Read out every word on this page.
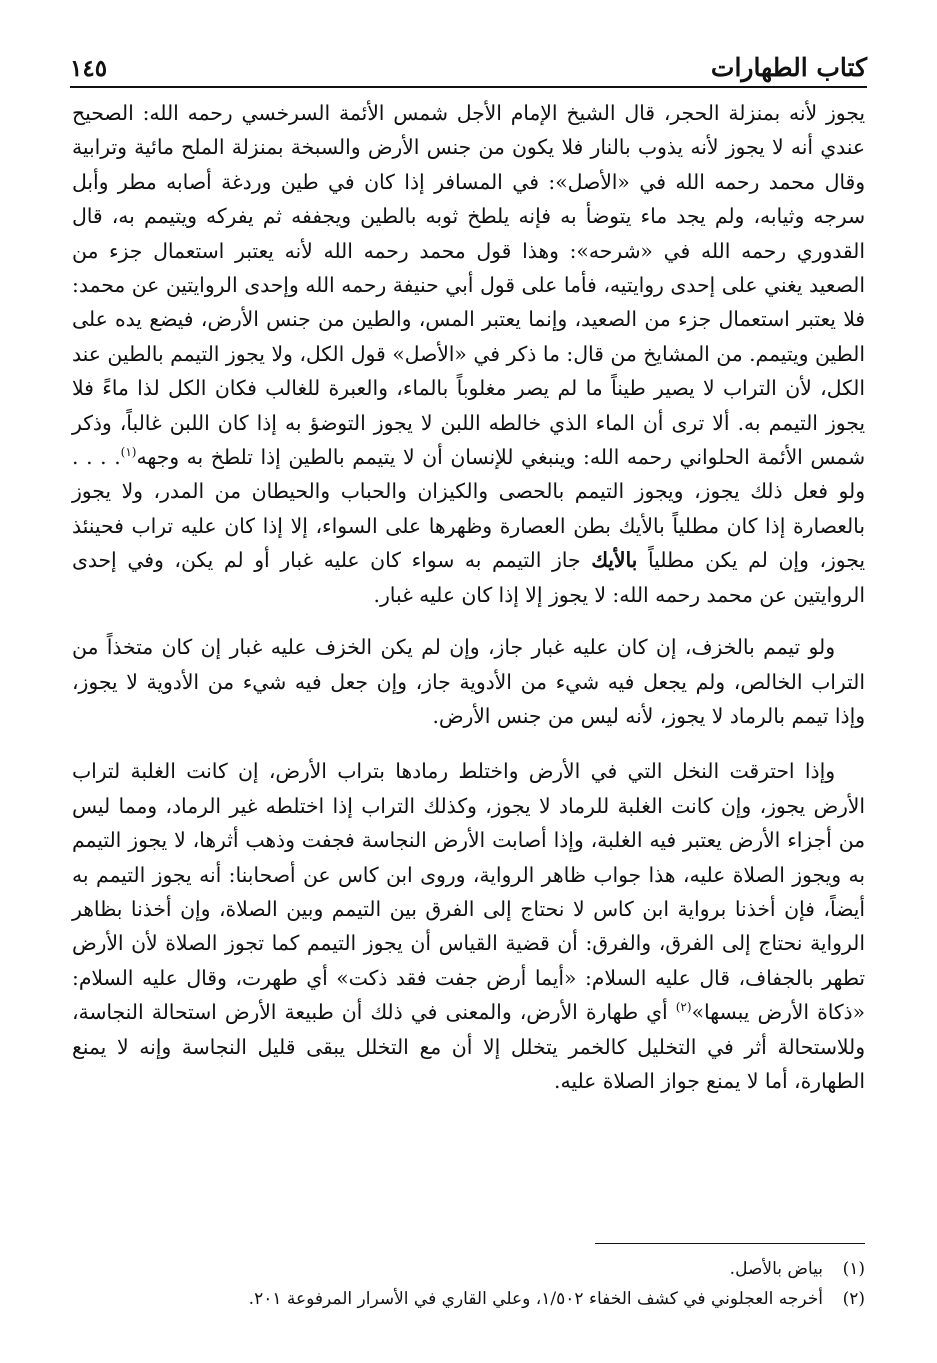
كتاب الطهارات
١٤٥

يجوز لأنه بمنزلة الحجر، قال الشيخ الإمام الأجل شمس الأئمة السرخسي رحمه الله: الصحيح عندي أنه لا يجوز لأنه يذوب بالنار فلا يكون من جنس الأرض والسبخة بمنزلة الملح مائية وترابية وقال محمد رحمه الله في «الأصل»: في المسافر إذا كان في طين وردغة أصابه مطر وأبل سرجه وثيابه، ولم يجد ماء يتوضأ به فإنه يلطخ ثوبه بالطين ويجففه ثم يفركه ويتيمم به، قال القدوري رحمه الله في «شرحه»: وهذا قول محمد رحمه الله لأنه يعتبر استعمال جزء من الصعيد يغني على إحدى روايتيه، فأما على قول أبي حنيفة رحمه الله وإحدى الروايتين عن محمد: فلا يعتبر استعمال جزء من الصعيد، وإنما يعتبر المس، والطين من جنس الأرض، فيضع يده على الطين ويتيمم. من المشايخ من قال: ما ذكر في «الأصل» قول الكل، ولا يجوز التيمم بالطين عند الكل، لأن التراب لا يصير طيناً ما لم يصر مغلوباً بالماء، والعبرة للغالب فكان الكل لذا ماءً فلا يجوز التيمم به. ألا ترى أن الماء الذي خالطه اللبن لا يجوز التوضؤ به إذا كان اللبن غالباً، وذكر شمس الأئمة الحلواني رحمه الله: وينبغي للإنسان أن لا يتيمم بالطين إذا تلطخ به وجهه$^{(١)}$. . . . ولو فعل ذلك يجوز، ويجوز التيمم بالحصى والكيزان والحباب والحيطان من المدر، ولا يجوز بالعصارة إذا كان مطلياً بالأيك بطن العصارة وظهرها على السواء، إلا إذا كان عليه تراب فحينئذ يجوز، وإن لم يكن مطلياً بالأيك جاز التيمم به سواء كان عليه غبار أو لم يكن، وفي إحدى الروايتين عن محمد رحمه الله: لا يجوز إلا إذا كان عليه غبار.

ولو تيمم بالخزف، إن كان عليه غبار جاز، وإن لم يكن الخزف عليه غبار إن كان متخذاً من التراب الخالص، ولم يجعل فيه شيء من الأدوية جاز، وإن جعل فيه شيء من الأدوية لا يجوز، وإذا تيمم بالرماد لا يجوز، لأنه ليس من جنس الأرض.

وإذا احترقت النخل التي في الأرض واختلط رمادها بتراب الأرض، إن كانت الغلبة لتراب الأرض يجوز، وإن كانت الغلبة للرماد لا يجوز، وكذلك التراب إذا اختلطه غير الرماد، ومما ليس من أجزاء الأرض يعتبر فيه الغلبة، وإذا أصابت الأرض النجاسة فجفت وذهب أثرها، لا يجوز التيمم به ويجوز الصلاة عليه، هذا جواب ظاهر الرواية، وروى ابن كاس عن أصحابنا: أنه يجوز التيمم به أيضاً، فإن أخذنا برواية ابن كاس لا نحتاج إلى الفرق بين التيمم وبين الصلاة، وإن أخذنا بظاهر الرواية نحتاج إلى الفرق، والفرق: أن قضية القياس أن يجوز التيمم كما تجوز الصلاة لأن الأرض تطهر بالجفاف، قال عليه السلام: «أيما أرض جفت فقد ذكت» أي طهرت، وقال عليه السلام: «ذكاة الأرض يبسها»$^{(٢)}$ أي طهارة الأرض، والمعنى في ذلك أن طبيعة الأرض استحالة النجاسة، وللاستحالة أثر في التخليل كالخمر يتخلل إلا أن مع التخلل يبقى قليل النجاسة وإنه لا يمنع الطهارة، أما لا يمنع جواز الصلاة عليه.

(١)
بياض بالأصل.
(٢)
أخرجه العجلوني في كشف الخفاء ١/٥٠٢، وعلي القاري في الأسرار المرفوعة ٢٠١.
